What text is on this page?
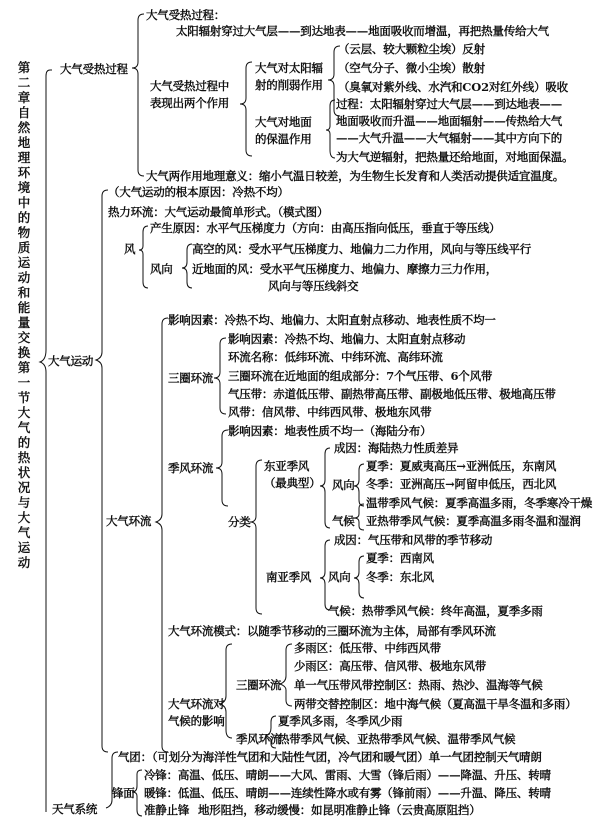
第二章自然地理环境中的物质运动和能量交换第一节大气的热状况与大气运动
大气受热过程
大气受热过程：
太阳辐射穿过大气层——到达地表——地面吸收而增温，再把热量传给大气
大气受热过程中
表现出两个作用
大气对太阳辐
射的削弱作用
（云层、较大颗粒尘埃）反射
（空气分子、微小尘埃）散射
（臭氧对紫外线、水汽和CO2对红外线）吸收
大气对地面
的保温作用
过程：太阳辐射穿过大气层——到达地表——
地面吸收而升温——地面辐射——传热给大气
——大气升温——大气辐射——其中方向下的
为大气逆辐射，把热量还给地面，对地面保温。
大气两作用地理意义：缩小气温日较差，为生物生长发育和人类活动提供适宜温度。
大气运动
（大气运动的根本原因：冷热不均）
热力环流：大气运动最简单形式。（模式图）
风
产生原因：水平气压梯度力（方向：由高压指向低压，垂直于等压线）
风向
高空的风：受水平气压梯度力、地偏力二力作用，风向与等压线平行
近地面的风：受水平气压梯度力、地偏力、摩擦力三力作用，
风向与等压线斜交
大气环流
影响因素：冷热不均、地偏力、太阳直射点移动、地表性质不均一
三圈环流
影响因素：冷热不均、地偏力、太阳直射点移动
环流名称：低纬环流、中纬环流、高纬环流
三圈环流在近地面的组成部分：7个气压带、6个风带
气压带：赤道低压带、副热带高压带、副极地低压带、极地高压带
风带：信风带、中纬西风带、极地东风带
季风环流
影响因素：地表性质不均一（海陆分布）
分类
东亚季风
（最典型）
成因：海陆热力性质差异
风向
夏季：夏威夷高压→亚洲低压，东南风
冬季：亚洲高压→阿留申低压，西北风
气候
温带季风气候：夏季高温多雨，冬季寒冷干燥
亚热带季风气候：夏季高温多雨冬温和湿润
南亚季风
成因：气压带和风带的季节移动
风向
夏季：西南风
冬季：东北风
气候：热带季风气候：终年高温，夏季多雨
大气环流模式：以随季节移动的三圈环流为主体，局部有季风环流
大气环流对
气候的影响
三圈环流
多雨区：低压带、中纬西风带
少雨区：高压带、信风带、极地东风带
单一气压带风带控制区：热雨、热沙、温海等气候
两带交替控制区：地中海气候（夏高温干旱冬温和多雨）
季风环流
夏季风多雨，冬季风少雨
热带季风气候、亚热带季风气候、温带季风气候
天气系统
气团：（可划分为海洋性气团和大陆性气团，冷气团和暖气团）单一气团控制天气晴朗
锋面
冷锋：高温、低压、晴朗——大风、雷雨、大雪（锋后雨）——降温、升压、转晴
暖锋：低温、低压、晴朗——连续性降水或有雾（锋前雨）——升温、降压、转晴
准静止锋 地形阻挡，移动缓慢：如昆明准静止锋（云贵高原阻挡）
